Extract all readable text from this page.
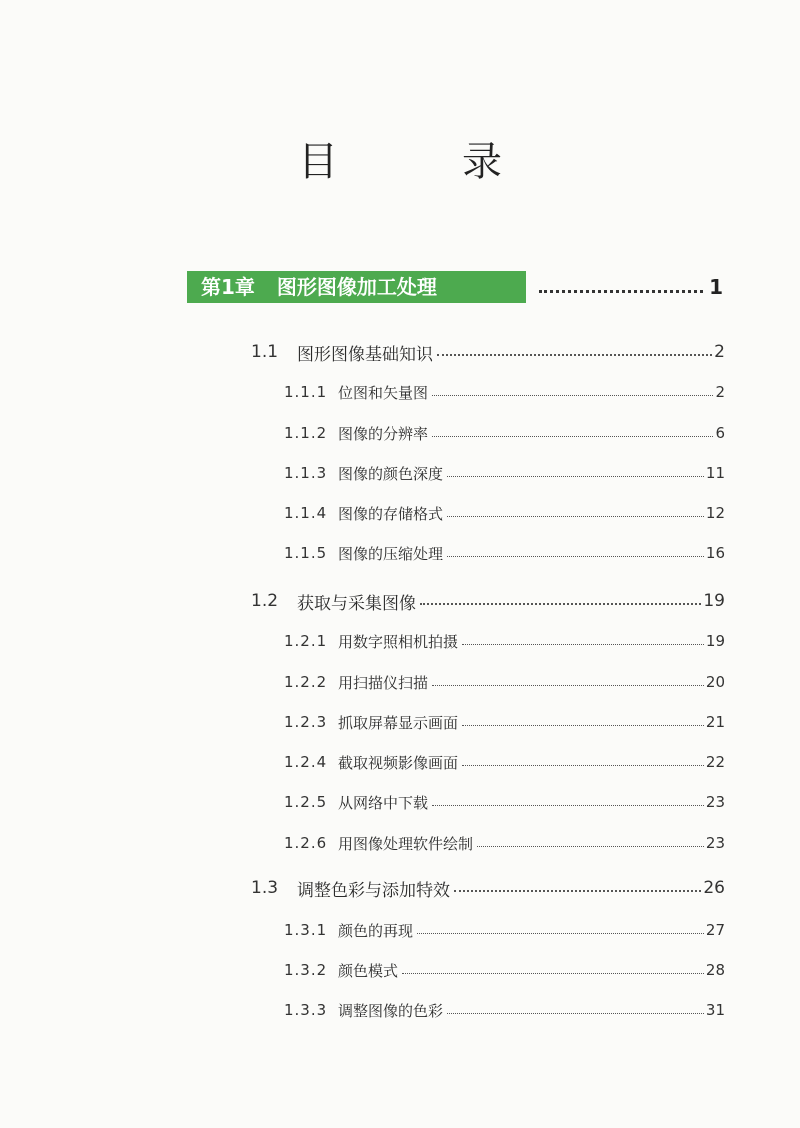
目　录
第1章 图形图像加工处理	1
1.1	图形图像基础知识	2
1.1.1 位图和矢量图	2
1.1.2 图像的分辨率	6
1.1.3 图像的颜色深度	11
1.1.4 图像的存储格式	12
1.1.5 图像的压缩处理	16
1.2	获取与采集图像	19
1.2.1 用数字照相机拍摄	19
1.2.2 用扫描仪扫描	20
1.2.3 抓取屏幕显示画面	21
1.2.4 截取视频影像画面	22
1.2.5 从网络中下载	23
1.2.6 用图像处理软件绘制	23
1.3	调整色彩与添加特效	26
1.3.1 颜色的再现	27
1.3.2 颜色模式	28
1.3.3 调整图像的色彩	31
